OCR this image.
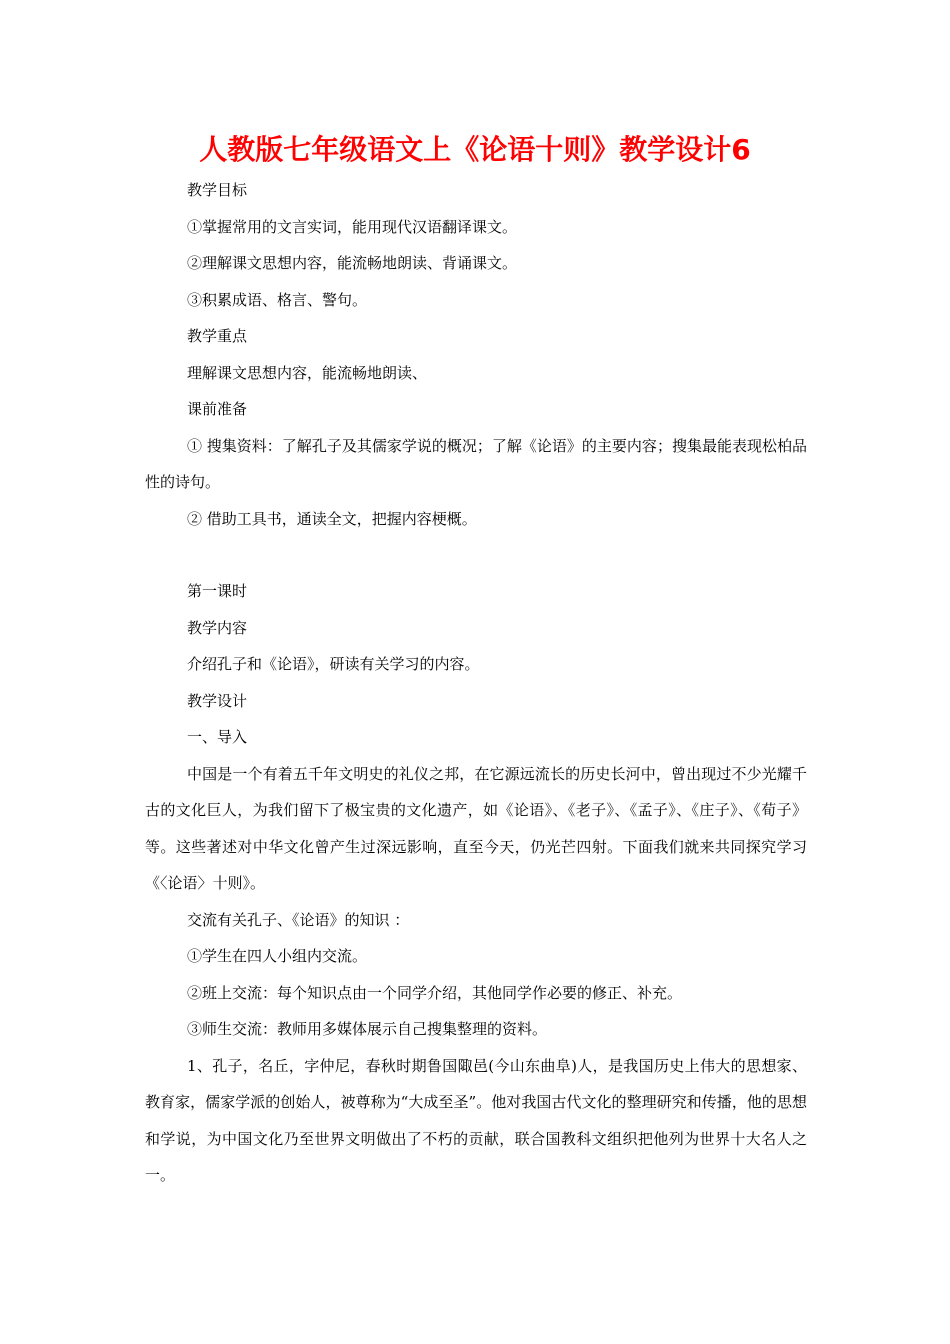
人教版七年级语文上《论语十则》教学设计6

教学目标

①掌握常用的文言实词，能用现代汉语翻译课文。

②理解课文思想内容，能流畅地朗读、背诵课文。

③积累成语、格言、警句。

教学重点

理解课文思想内容，能流畅地朗读、

课前准备

① 搜集资料：了解孔子及其儒家学说的概况；了解《论语》的主要内容；搜集最能表现松柏品性的诗句。

② 借助工具书，通读全文，把握内容梗概。

第一课时

教学内容

介绍孔子和《论语》，研读有关学习的内容。

教学设计

一、导入

中国是一个有着五千年文明史的礼仪之邦，在它源远流长的历史长河中，曾出现过不少光耀千古的文化巨人，为我们留下了极宝贵的文化遗产，如《论语》、《老子》、《孟子》、《庄子》、《荀子》等。这些著述对中华文化曾产生过深远影响，直至今天，仍光芒四射。下面我们就来共同探究学习《〈论语〉十则》。

交流有关孔子、《论语》的知识 ：

①学生在四人小组内交流。

②班上交流：每个知识点由一个同学介绍，其他同学作必要的修正、补充。

③师生交流：教师用多媒体展示自己搜集整理的资料。

1、孔子，名丘，字仲尼，春秋时期鲁国陬邑(今山东曲阜)人，是我国历史上伟大的思想家、教育家，儒家学派的创始人，被尊称为“大成至圣”。他对我国古代文化的整理研究和传播，他的思想和学说，为中国文化乃至世界文明做出了不朽的贡献，联合国教科文组织把他列为世界十大名人之一。
